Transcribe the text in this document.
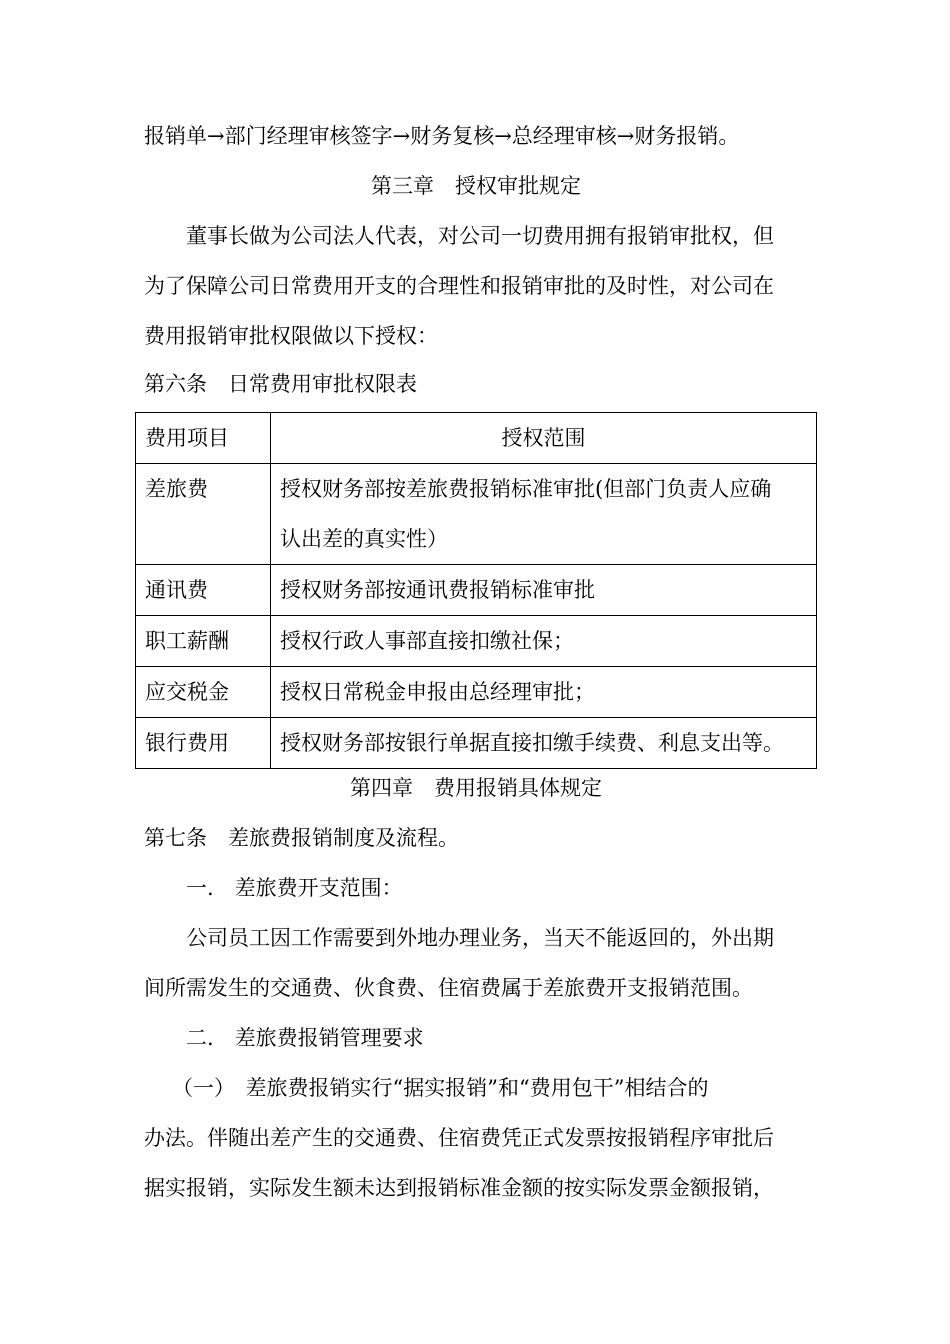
报销单→部门经理审核签字→财务复核→总经理审核→财务报销。
第三章　授权审批规定
董事长做为公司法人代表，对公司一切费用拥有报销审批权，但
为了保障公司日常费用开支的合理性和报销审批的及时性，对公司在
费用报销审批权限做以下授权：
第六条　日常费用审批权限表
费用项目	授权范围
差旅费	授权财务部按差旅费报销标准审批(但部门负责人应确
认出差的真实性）

通讯费	授权财务部按通讯费报销标准审批
职工薪酬	授权行政人事部直接扣缴社保；
应交税金	授权日常税金申报由总经理审批；
银行费用	授权财务部按银行单据直接扣缴手续费、利息支出等。
第四章　费用报销具体规定
第七条　差旅费报销制度及流程。
一.　差旅费开支范围：
公司员工因工作需要到外地办理业务，当天不能返回的，外出期
间所需发生的交通费、伙食费、住宿费属于差旅费开支报销范围。
二.　差旅费报销管理要求
（一）　差旅费报销实行“据实报销”和“费用包干”相结合的
办法。伴随出差产生的交通费、住宿费凭正式发票按报销程序审批后
据实报销，实际发生额未达到报销标准金额的按实际发票金额报销，
